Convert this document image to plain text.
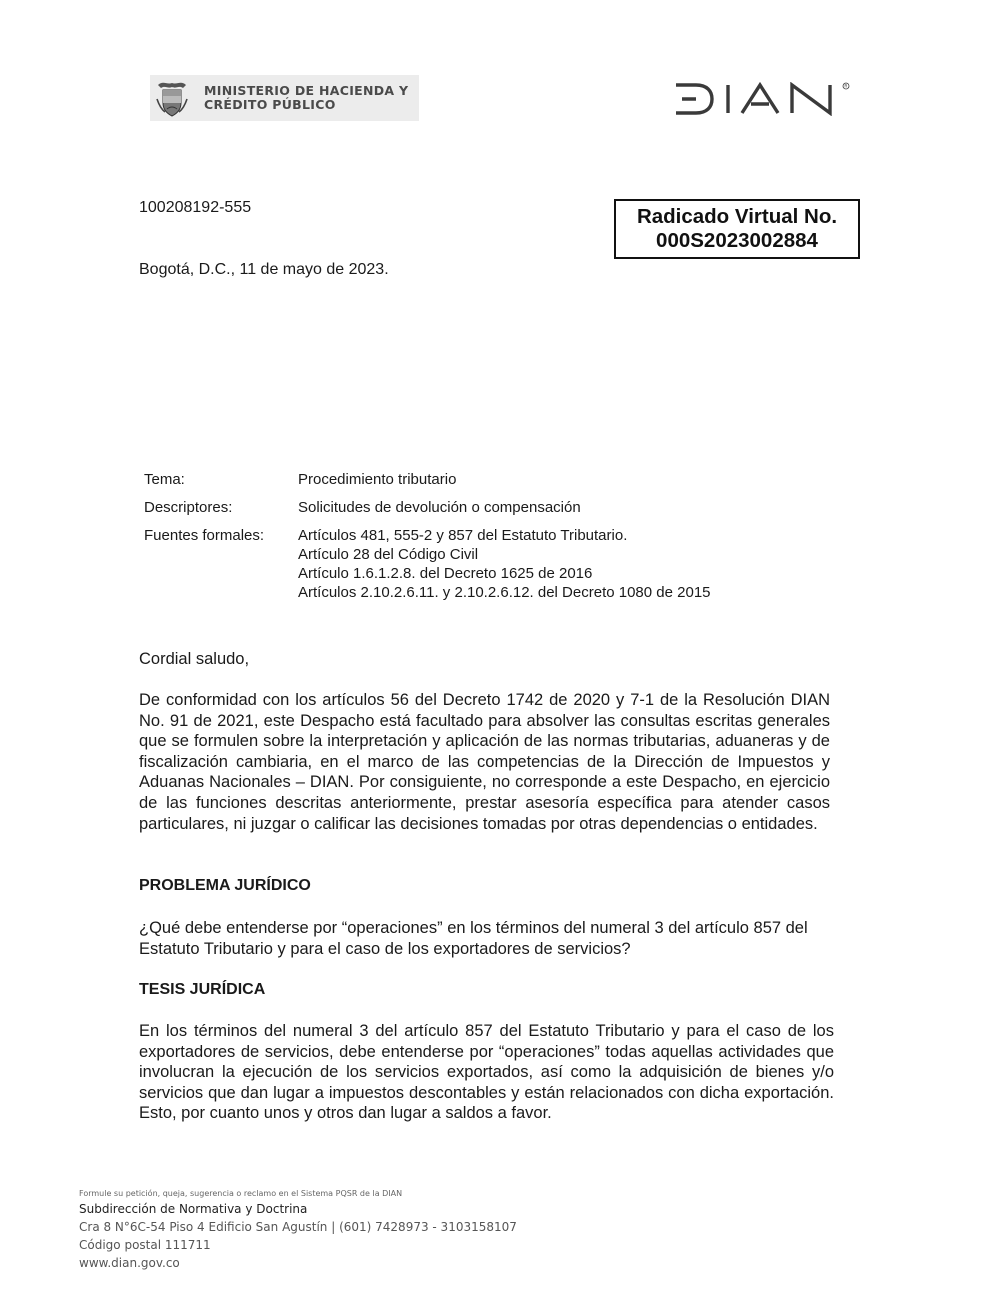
MINISTERIO DE HACIENDA Y
CRÉDITO PÚBLICO
R
100208192-555
Bogotá, D.C., 11 de mayo de 2023.
Radicado Virtual No.
000S2023002884
Tema:	Procedimiento tributario
Descriptores:	Solicitudes de devolución o compensación
Fuentes formales:	Artículos 481, 555-2 y 857 del Estatuto Tributario.
Artículo 28 del Código Civil
Artículo 1.6.1.2.8. del Decreto 1625 de 2016
Artículos 2.10.2.6.11. y 2.10.2.6.12. del Decreto 1080 de 2015
Cordial saludo,
De conformidad con los artículos 56 del Decreto 1742 de 2020 y 7-1 de la Resolución DIAN No. 91 de 2021, este Despacho está facultado para absolver las consultas escritas generales que se formulen sobre la interpretación y aplicación de las normas tributarias, aduaneras y de fiscalización cambiaria, en el marco de las competencias de la Dirección de Impuestos y Aduanas Nacionales – DIAN. Por consiguiente, no corresponde a este Despacho, en ejercicio de las funciones descritas anteriormente, prestar asesoría específica para atender casos particulares, ni juzgar o calificar las decisiones tomadas por otras dependencias o entidades.
PROBLEMA JURÍDICO
¿Qué debe entenderse por “operaciones” en los términos del numeral 3 del artículo 857 del Estatuto Tributario y para el caso de los exportadores de servicios?
TESIS JURÍDICA
En los términos del numeral 3 del artículo 857 del Estatuto Tributario y para el caso de los exportadores de servicios, debe entenderse por “operaciones” todas aquellas actividades que involucran la ejecución de los servicios exportados, así como la adquisición de bienes y/o servicios que dan lugar a impuestos descontables y están relacionados con dicha exportación. Esto, por cuanto unos y otros dan lugar a saldos a favor.
Formule su petición, queja, sugerencia o reclamo en el Sistema PQSR de la DIAN
Subdirección de Normativa y Doctrina
Cra 8 N°6C-54 Piso 4 Edificio San Agustín | (601) 7428973 - 3103158107
Código postal 111711
www.dian.gov.co
